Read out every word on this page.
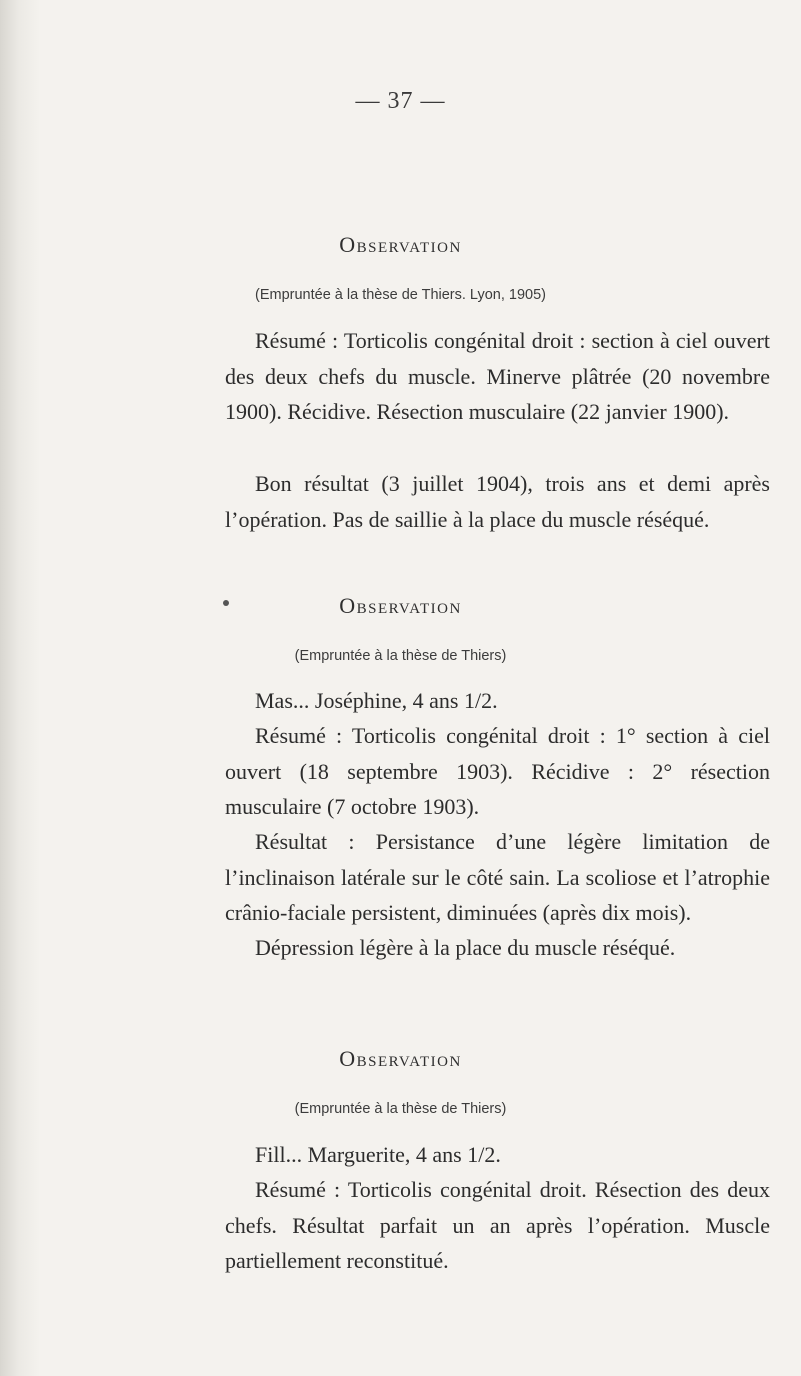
— 37 —
Observation
(Empruntée à la thèse de Thiers. Lyon, 1905)

Résumé : Torticolis congénital droit : section à ciel ouvert des deux chefs du muscle. Minerve plâtrée (20 novembre 1900). Récidive. Résection musculaire (22 janvier 1900).

Bon résultat (3 juillet 1904), trois ans et demi après l’opération. Pas de saillie à la place du muscle réséqué.

Observation
(Empruntée à la thèse de Thiers)

Mas... Joséphine, 4 ans 1/2.

Résumé : Torticolis congénital droit : 1° section à ciel ouvert (18 septembre 1903). Récidive : 2° résection musculaire (7 octobre 1903).

Résultat : Persistance d’une légère limitation de l’inclinaison latérale sur le côté sain. La scoliose et l’atrophie crânio-faciale persistent, diminuées (après dix mois).

Dépression légère à la place du muscle réséqué.

Observation
(Empruntée à la thèse de Thiers)

Fill... Marguerite, 4 ans 1/2.

Résumé : Torticolis congénital droit. Résection des deux chefs. Résultat parfait un an après l’opération. Muscle partiellement reconstitué.
